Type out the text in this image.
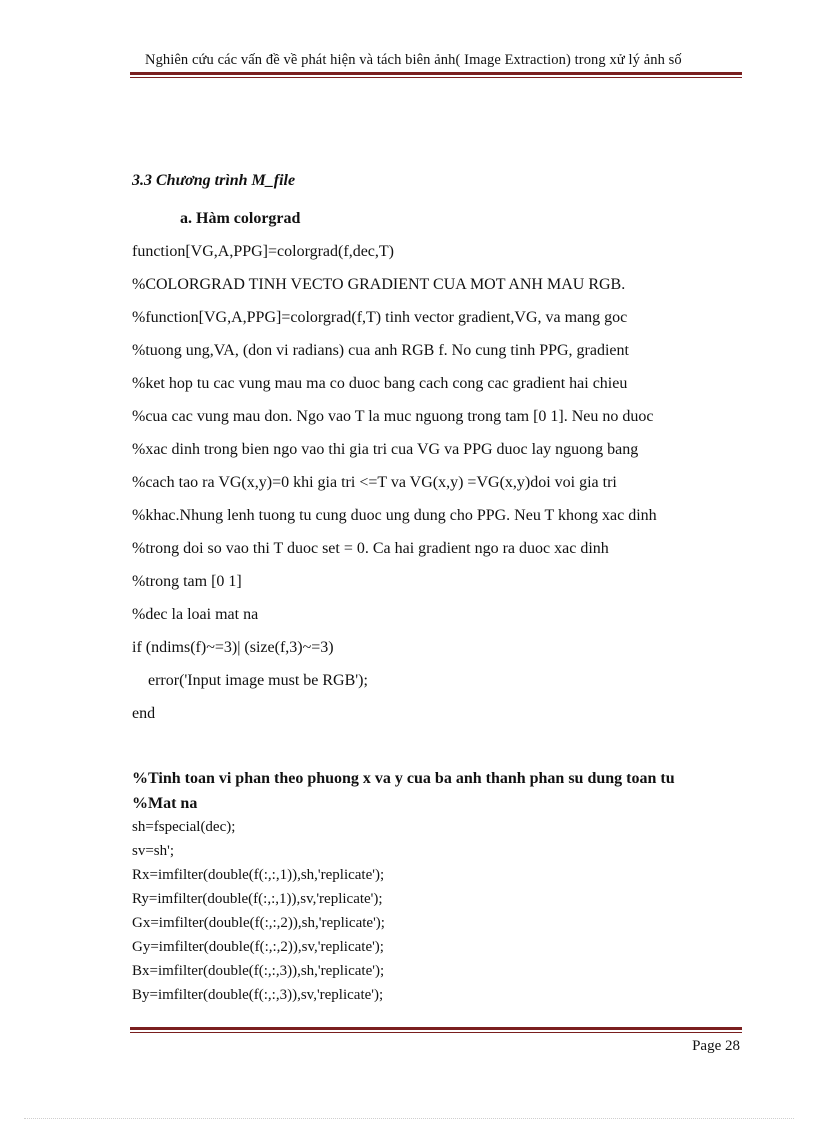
Nghiên cứu các vấn đề về phát hiện và tách biên ảnh( Image Extraction) trong xử lý ảnh số
3.3 Chương trình M_file
a. Hàm colorgrad
function[VG,A,PPG]=colorgrad(f,dec,T)
%COLORGRAD TINH VECTO GRADIENT CUA MOT ANH MAU RGB.
%function[VG,A,PPG]=colorgrad(f,T) tinh vector gradient,VG, va mang goc
%tuong ung,VA, (don vi radians) cua anh RGB f. No cung tinh PPG, gradient
%ket hop tu cac vung mau ma co duoc bang cach cong cac gradient hai chieu
%cua cac vung mau don. Ngo vao T la muc nguong trong tam [0 1]. Neu no duoc
%xac dinh trong bien ngo vao thi gia tri cua VG va PPG duoc lay nguong bang
%cach tao ra VG(x,y)=0 khi gia tri <=T va VG(x,y) =VG(x,y)doi voi gia tri
%khac.Nhung lenh tuong tu cung duoc ung dung cho PPG. Neu T khong xac dinh
%trong doi so vao thi T duoc set = 0. Ca hai gradient ngo ra duoc xac dinh
%trong tam [0 1]
%dec la loai mat na
if (ndims(f)~=3)| (size(f,3)~=3)
error('Input image must be RGB');
end
%Tinh toan vi phan theo phuong x va y cua ba anh thanh phan su dung toan tu
%Mat na
sh=fspecial(dec);
sv=sh';
Rx=imfilter(double(f(:,:,1)),sh,'replicate');
Ry=imfilter(double(f(:,:,1)),sv,'replicate');
Gx=imfilter(double(f(:,:,2)),sh,'replicate');
Gy=imfilter(double(f(:,:,2)),sv,'replicate');
Bx=imfilter(double(f(:,:,3)),sh,'replicate');
By=imfilter(double(f(:,:,3)),sv,'replicate');
Page 28
